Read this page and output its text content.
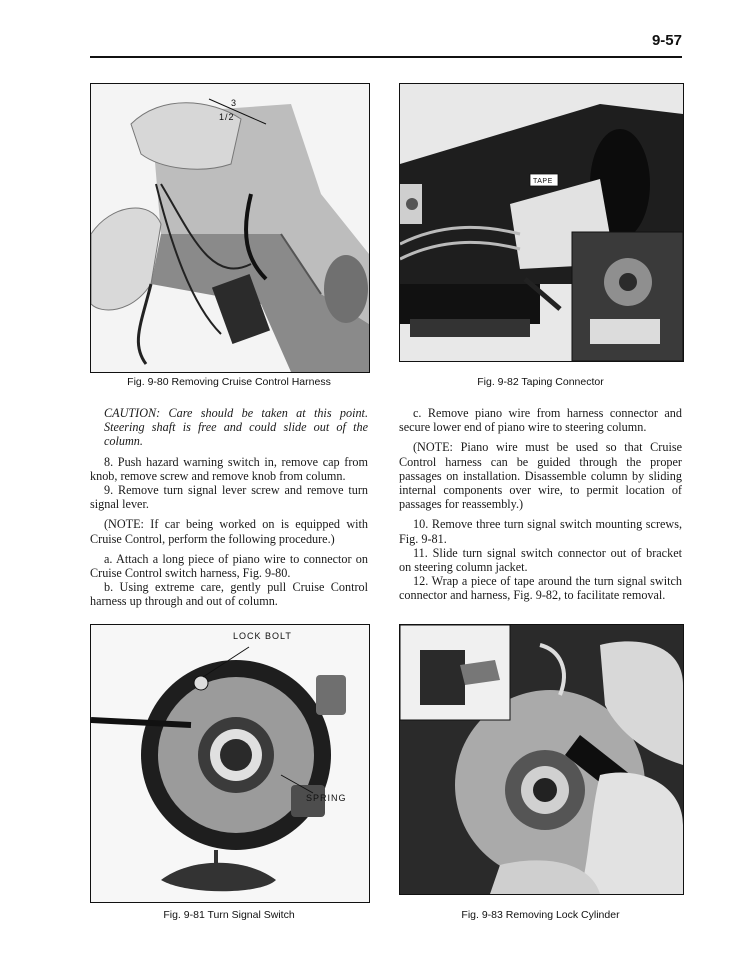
9-57
3
1/2
Fig. 9-80 Removing Cruise Control Harness
TAPE
Fig. 9-82 Taping Connector

CAUTION: Care should be taken at this point. Steering shaft is free and could slide out of the column.

8. Push hazard warning switch in, remove cap from knob, remove screw and remove knob from column.

9. Remove turn signal lever screw and remove turn signal lever.

(NOTE: If car being worked on is equipped with Cruise Control, perform the following procedure.)

a. Attach a long piece of piano wire to connector on Cruise Control switch harness, Fig. 9-80.

b. Using extreme care, gently pull Cruise Control harness up through and out of column.

c. Remove piano wire from harness connector and secure lower end of piano wire to steering column.

(NOTE: Piano wire must be used so that Cruise Control harness can be guided through the proper passages on installation. Disassemble column by sliding internal components over wire, to permit location of passages for reassembly.)

10. Remove three turn signal switch mounting screws, Fig. 9-81.

11. Slide turn signal switch connector out of bracket on steering column jacket.

12. Wrap a piece of tape around the turn signal switch connector and harness, Fig. 9-82, to facilitate removal.

LOCK BOLT
SPRING
Fig. 9-81 Turn Signal Switch	Fig. 9-83 Removing Lock Cylinder
